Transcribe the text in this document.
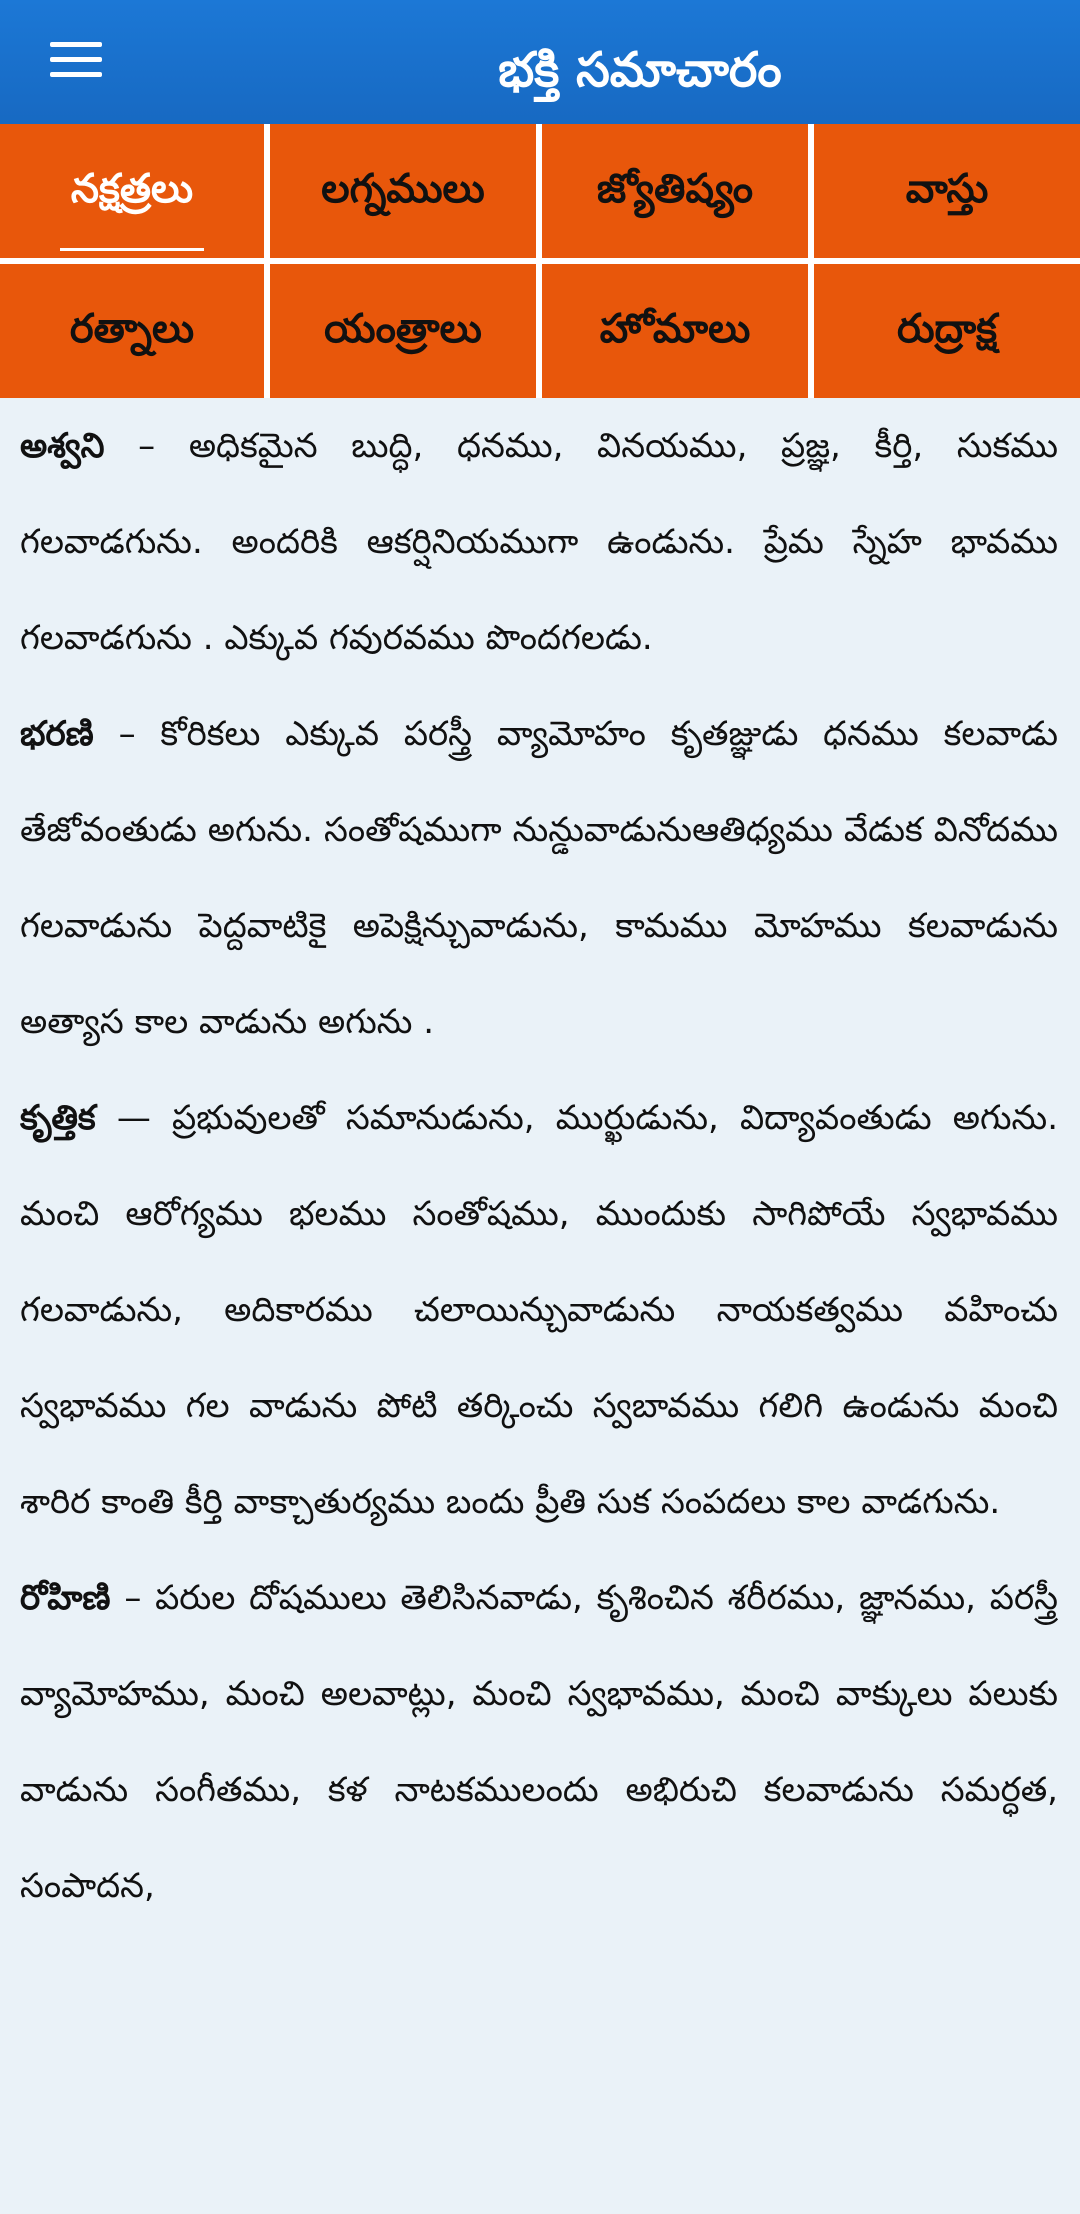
భక్తి సమాచారం
నక్షత్రలు	లగ్నములు	జ్యోతిష్యం	వాస్తు
రత్నాలు	యంత్రాలు	హోమాలు	రుద్రాక్ష

అశ్వని – అధికమైన బుద్ధి, ధనము, వినయము, ప్రజ్ఞ, కీర్తి, సుకము గలవాడగును. అందరికి ఆకర్షినియముగా ఉండును. ప్రేమ స్నేహ భావము గలవాడగును . ఎక్కువ గవురవము పొందగలడు.

భరణి – కోరికలు ఎక్కువ పరస్త్రీ వ్యామోహం కృతజ్ఞుడు ధనము కలవాడు తేజోవంతుడు అగును. సంతోషముగా నున్డువాడునుఆతిధ్యము వేడుక వినోదము గలవాడును పెద్దవాటికై అపెక్షిన్చువాడును, కామము మోహము కలవాడును అత్యాస కాల వాడును అగును .

కృత్తిక — ప్రభువులతో సమానుడును, ముర్ఖుడును, విద్యావంతుడు అగును. మంచి ఆరోగ్యము భలము సంతోషము, ముందుకు సాగిపోయే స్వభావము గలవాడును, అదికారము చలాయిన్చువాడును నాయకత్వము వహించు స్వభావము గల వాడును పోటి తర్కించు స్వబావము గలిగి ఉండును మంచి శారిర కాంతి కీర్తి వాక్చాతుర్యము బందు ప్రీతి సుక సంపదలు కాల వాడగును.

రోహిణి – పరుల దోషములు తెలిసినవాడు, కృశించిన శరీరము, జ్ఞానము, పరస్త్రీ వ్యామోహము, మంచి అలవాట్లు, మంచి స్వభావము, మంచి వాక్కులు పలుకు వాడును సంగీతము, కళ నాటకములందు అభిరుచి కలవాడును సమర్ధత, సంపాదన,
